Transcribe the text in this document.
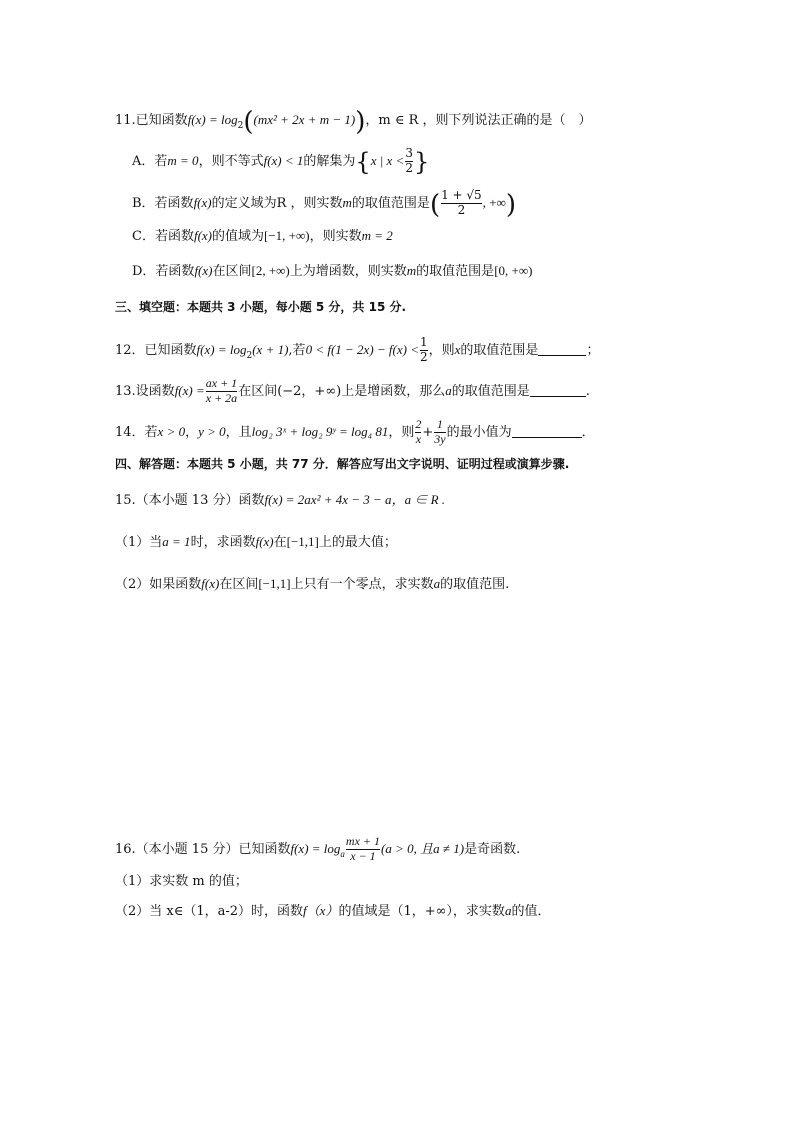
11.已知函数$f(x) = \log_2((mx^2 + 2x + m - 1))$，m ∈ R ，则下列说法正确的是（　）
A．若m = 0，则不等式f(x) < 1的解集为{x | $x < \frac{3}{2}$ }
B．若函数f(x)的定义域为R ，则实数m的取值范围是( $\frac{1 + √5}{2}$ , +∞)
C．若函数f(x)的值域为[−1, +∞)，则实数m = 2
D．若函数f(x)在区间[2, +∞)上为增函数，则实数m的取值范围是[0, +∞)
三、填空题：本题共 3 小题，每小题 5 分，共 15 分.
12．已知函数$f(x) = \log_2(x + 1)$,若$0 < f(1 - 2x) - f(x) < \frac{1}{2}$ ，则x的取值范围是	；
13.设函数$f(x) = \frac{ax + 1}{x + 2a}$ 在区间(−2，+∞)上是增函数，那么a的取值范围是	.
14．若x > 0，y > 0，且log₂ 3ˣ + log₂ 9ʸ = log₄ 81，则 $\frac{2}{x} + \frac{1}{3y}$ 的最小值为	．
四、解答题：本题共 5 小题，共 77 分．解答应写出文字说明、证明过程或演算步骤.
15.（本小题 13 分）函数f(x) = 2ax² + 4x − 3 − a，a ∈ R .
（1）当a = 1时，求函数f(x)在[−1,1]上的最大值；
（2）如果函数f(x)在区间[−1,1]上只有一个零点，求实数a的取值范围.
16.（本小题 15 分）已知函数$f(x) = \log_a \frac{mx + 1}{x - 1} (a > 0$, 且a ≠ 1)是奇函数.
（1）求实数 m 的值；
（2）当 x∈（1，a-2）时，函数f（x）的值域是（1，+∞），求实数a的值．
